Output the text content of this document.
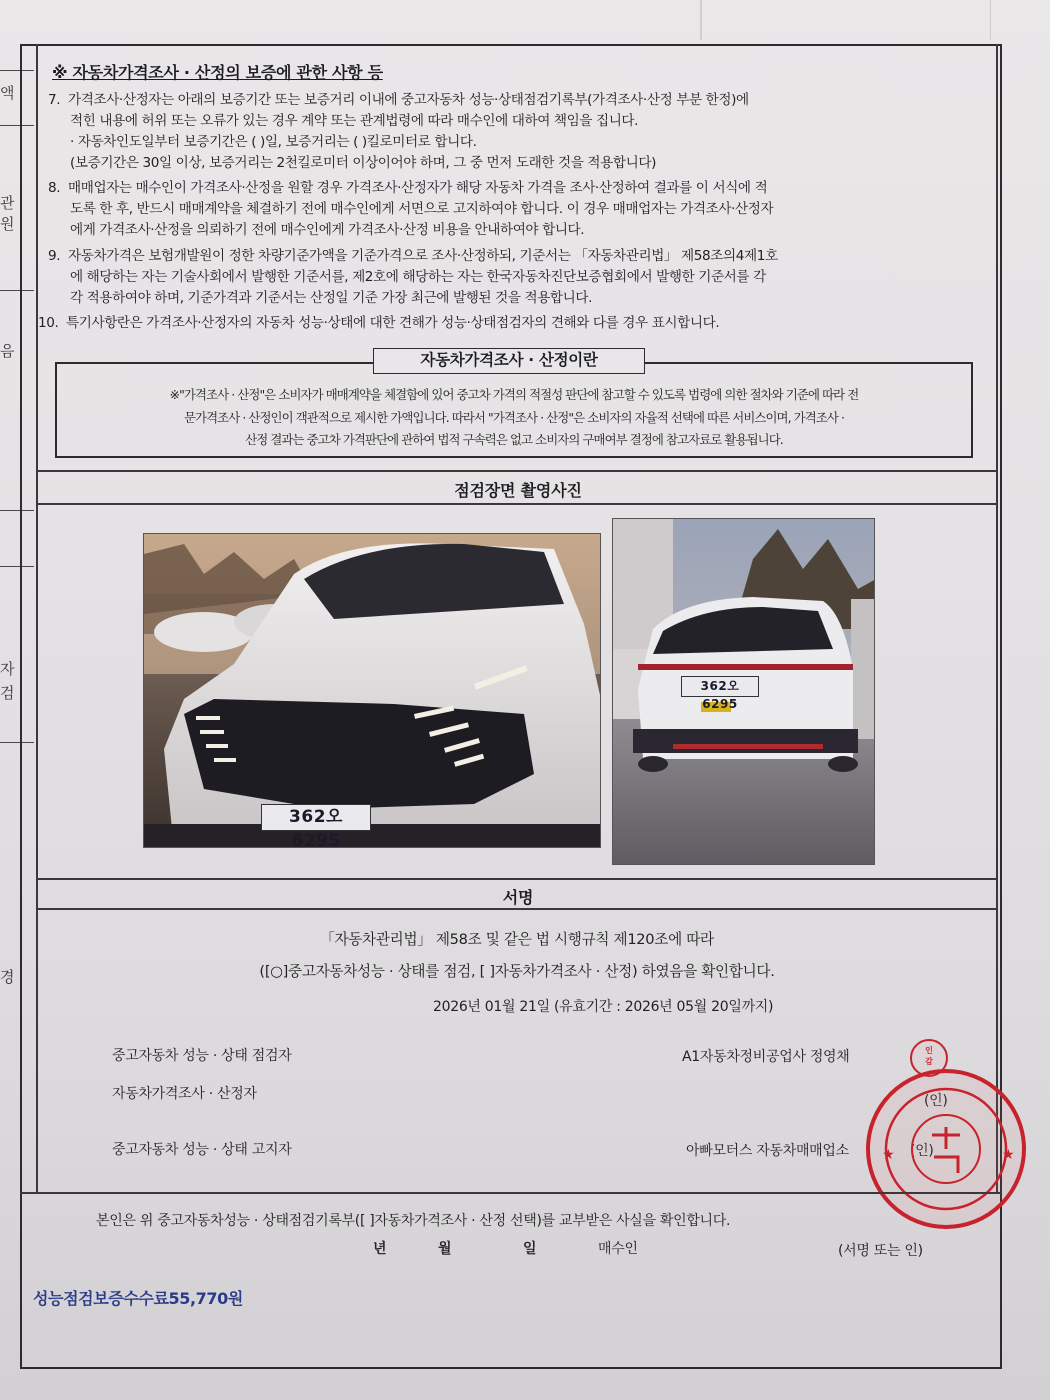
액
관원
음
자
검
경
※ 자동차가격조사 · 산정의 보증에 관한 사항 등
7. 가격조사·산정자는 아래의 보증기간 또는 보증거리 이내에 중고자동차 성능·상태점검기록부(가격조사·산정 부분 한정)에
적힌 내용에 허위 또는 오류가 있는 경우 계약 또는 관계법령에 따라 매수인에 대하여 책임을 집니다.
· 자동차인도일부터 보증기간은 ( )일, 보증거리는 ( )킬로미터로 합니다.
(보증기간은 30일 이상, 보증거리는 2천킬로미터 이상이어야 하며, 그 중 먼저 도래한 것을 적용합니다)
8. 매매업자는 매수인이 가격조사·산정을 원할 경우 가격조사·산정자가 해당 자동차 가격을 조사·산정하여 결과를 이 서식에 적
도록 한 후, 반드시 매매계약을 체결하기 전에 매수인에게 서면으로 고지하여야 합니다. 이 경우 매매업자는 가격조사·산정자
에게 가격조사·산정을 의뢰하기 전에 매수인에게 가격조사·산정 비용을 안내하여야 합니다.
9. 자동차가격은 보험개발원이 정한 차량기준가액을 기준가격으로 조사·산정하되, 기준서는 「자동차관리법」 제58조의4제1호
에 해당하는 자는 기술사회에서 발행한 기준서를, 제2호에 해당하는 자는 한국자동차진단보증협회에서 발행한 기준서를 각
각 적용하여야 하며, 기준가격과 기준서는 산정일 기준 가장 최근에 발행된 것을 적용합니다.
10. 특기사항란은 가격조사·산정자의 자동차 성능·상태에 대한 견해가 성능·상태점검자의 견해와 다를 경우 표시합니다.
자동차가격조사 · 산정이란
※"가격조사 · 산정"은 소비자가 매매계약을 체결함에 있어 중고차 가격의 적절성 판단에 참고할 수 있도록 법령에 의한 절차와 기준에 따라 전
문가격조사 · 산정인이 객관적으로 제시한 가액입니다. 따라서 "가격조사 · 산정"은 소비자의 자율적 선택에 따른 서비스이며, 가격조사 ·
산정 결과는 중고차 가격판단에 관하여 법적 구속력은 없고 소비자의 구매여부 결정에 참고자료로 활용됩니다.
점검장면 촬영사진
362오 6295
362오 6295
서명
「자동차관리법」 제58조 및 같은 법 시행규칙 제120조에 따라
([○]중고자동차성능 · 상태를 점검, [ ]자동차가격조사 · 산정) 하였음을 확인합니다.
2026년 01월 21일 (유효기간 : 2026년 05월 20일까지)
중고자동차 성능 · 상태 점검자	A1자동차정비공업사 정영채	인
감
자동차가격조사 · 산정자
중고자동차 성능 · 상태 고지자	아빠모터스 자동차매매업소 ★	★
본인은 위 중고자동차성능 · 상태점검기록부([ ]자동차가격조사 · 산정 선택)를 교부받은 사실을 확인합니다.
년	월	일	매수인	(서명 또는 인)
성능점검보증수수료55,770원
